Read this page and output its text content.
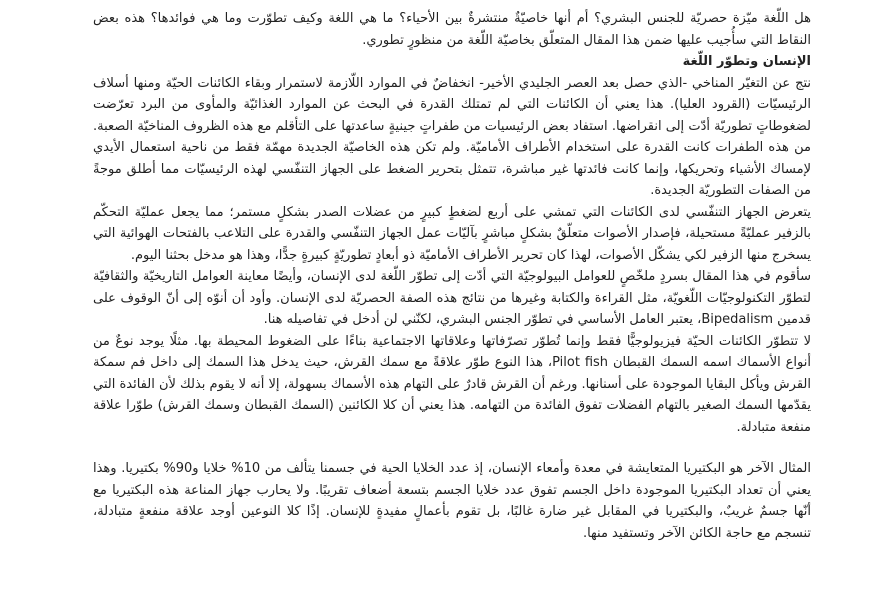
هل اللّغة ميّزة حصريّة للجنس البشري؟ أم أنها خاصيّةٌ منتشرةٌ بين الأحياء؟ ما هي اللغة وكيف تطوّرت وما هي فوائدها؟ هذه بعض النقاط التي سأُجيب عليها ضمن هذا المقال المتعلّق بخاصيّة اللّغة من منظورٍ تطوري.

الإنسان وتطوّر اللّغة

نتج عن التغيّر المناخي -الذي حصل بعد العصر الجليدي الأخير- انخفاضٌ في الموارد اللّازمة لاستمرار وبقاء الكائنات الحيّة ومنها أسلاف الرئيسيّات (القرود العليا). هذا يعني أن الكائنات التي لم تمتلك القدرة في البحث عن الموارد الغذائيّة والمأوى من البرد تعرّضت لضغوطاتٍ تطوريّة أدّت إلى انقراضها. استفاد بعض الرئيسيات من طفراتٍ جينيةٍ ساعدتها على التأقلم مع هذه الظروف المناخيّة الصعبة. من هذه الطفرات كانت القدرة على استخدام الأطراف الأماميّة. ولم تكن هذه الخاصيّة الجديدة مهمّة فقط من ناحية استعمال الأيدي لإمساك الأشياء وتحريكها، وإنما كانت فائدتها غير مباشرة، تتمثل بتحرير الضغط على الجهاز التنفّسي لهذه الرئيسيّات مما أطلق موجةً من الصفات التطوريّة الجديدة.

يتعرض الجهاز التنفّسي لدى الكائنات التي تمشي على أربع لضغطٍ كبيرٍ من عضلات الصدر بشكلٍ مستمر؛ مما يجعل عمليّة التحكّم بالزفير عمليّةً مستحيلة، فإصدار الأصوات متعلّقٌ بشكلٍ مباشرٍ بآليّات عمل الجهاز التنفّسي والقدرة على التلاعب بالفتحات الهوائية التي يسخرج منها الزفير لكي يشكّل الأصوات، لهذا كان تحرير الأطراف الأماميّة ذو أبعادٍ تطوريّةٍ كبيرةٍ جدًّا، وهذا هو مدخل بحثنا اليوم.

سأقوم في هذا المقال بسردٍ ملخّصٍ للعوامل البيولوجيّة التي أدّت إلى تطوّر اللّغة لدى الإنسان، وأيضًا معاينة العوامل التاريخيّة والثقافيّة لتطوّر التكنولوجيّات اللّغويّة، مثل القراءة والكتابة وغيرها من نتائج هذه الصفة الحصريّة لدى الإنسان. وأود أن أنوّه إلى أنّ الوقوف على قدمين Bipedalism، يعتبر العامل الأساسي في تطوّر الجنس البشري، لكنّني لن أدخل في تفاصيله هنا.

لا تتطوّر الكائنات الحيّة فيزيولوجيًّا فقط وإنما تُطوّر تصرّفاتها وعلاقاتها الاجتماعية بناءًا على الضغوط المحيطة بها. مثلًا يوجد نوعٌ من أنواع الأسماك اسمه السمك القبطان Pilot fish، هذا النوع طوّر علاقةً مع سمك القرش، حيث يدخل هذا السمك إلى داخل فم سمكة القرش ويأكل البقايا الموجودة على أسنانها. ورغم أن القرش قادرٌ على التهام هذه الأسماك بسهولة، إلا أنه لا يقوم بذلك لأن الفائدة التي يقدّمها السمك الصغير بالتهام الفضلات تفوق الفائدة من التهامه. هذا يعني أن كلا الكائنين (السمك القبطان وسمك القرش) طوّرا علاقة منفعة متبادلة.

المثال الآخر هو البكتيريا المتعايشة في معدة وأمعاء الإنسان، إذ عدد الخلايا الحية في جسمنا يتألف من 10% خلايا و90% بكتيريا. وهذا يعني أن تعداد البكتيريا الموجودة داخل الجسم تفوق عدد خلايا الجسم بتسعة أضعاف تقريبًا. ولا يحارب جهاز المناعة هذه البكتيريا مع أنّها جسمٌ غريبٌ، والبكتيريا في المقابل غير ضارة غالبًا، بل تقوم بأعمالٍ مفيدةٍ للإنسان. إذًا كلا النوعين أوجد علاقة منفعةٍ متبادلة، تنسجم مع حاجة الكائن الآخر وتستفيد منها.
